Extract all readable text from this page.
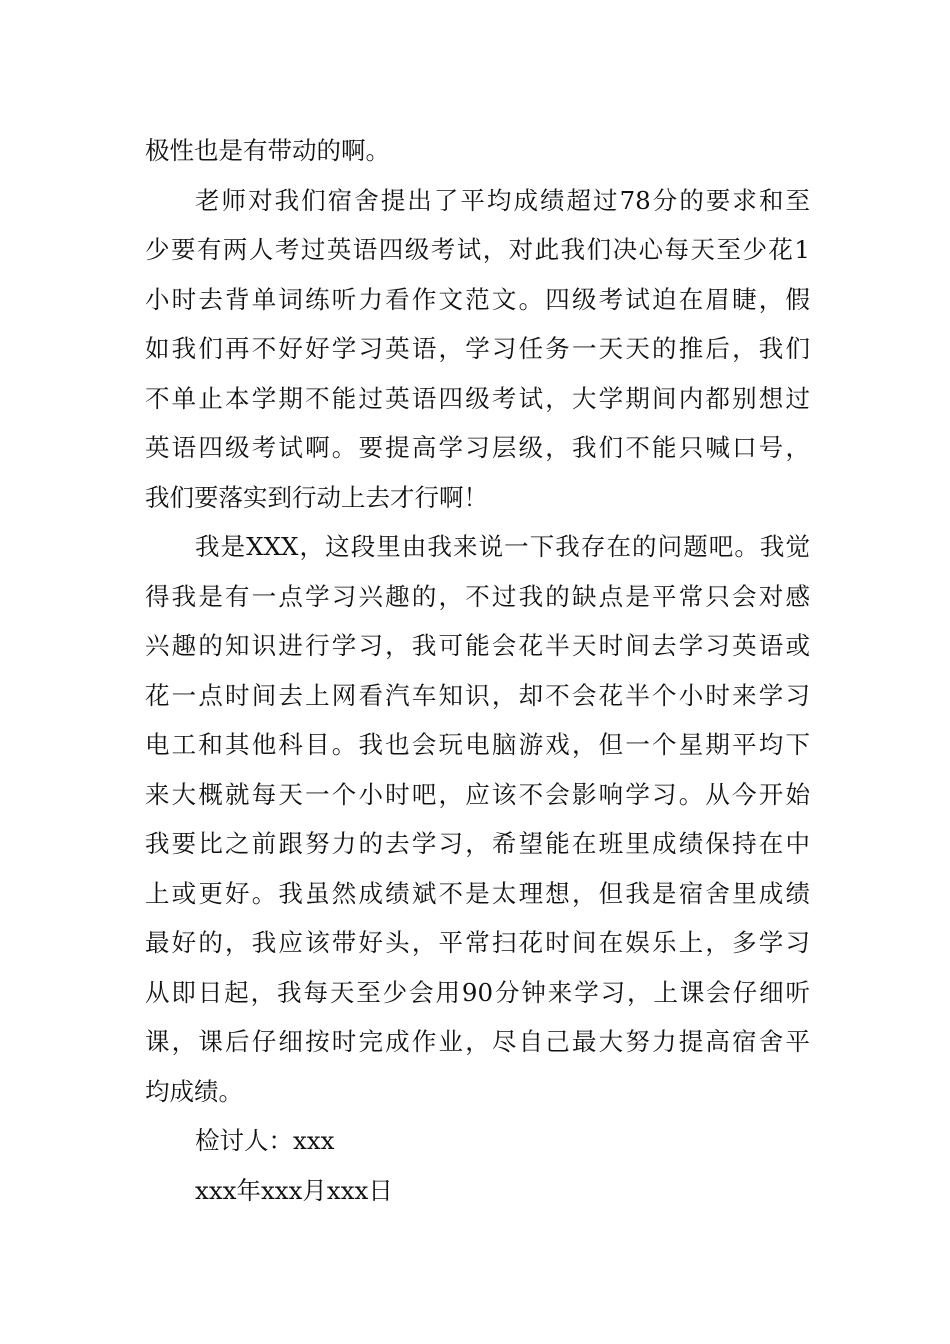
极性也是有带动的啊。
老师对我们宿舍提出了平均成绩超过78分的要求和至
少要有两人考过英语四级考试，对此我们决心每天至少花1
小时去背单词练听力看作文范文。四级考试迫在眉睫，假
如我们再不好好学习英语，学习任务一天天的推后，我们
不单止本学期不能过英语四级考试，大学期间内都别想过
英语四级考试啊。要提高学习层级，我们不能只喊口号，
我们要落实到行动上去才行啊！
我是XXX，这段里由我来说一下我存在的问题吧。我觉
得我是有一点学习兴趣的，不过我的缺点是平常只会对感
兴趣的知识进行学习，我可能会花半天时间去学习英语或
花一点时间去上网看汽车知识，却不会花半个小时来学习
电工和其他科目。我也会玩电脑游戏，但一个星期平均下
来大概就每天一个小时吧，应该不会影响学习。从今开始
我要比之前跟努力的去学习，希望能在班里成绩保持在中
上或更好。我虽然成绩斌不是太理想，但我是宿舍里成绩
最好的，我应该带好头，平常扫花时间在娱乐上，多学习
从即日起，我每天至少会用90分钟来学习，上课会仔细听
课，课后仔细按时完成作业，尽自己最大努力提高宿舍平
均成绩。
检讨人：xxx
xxx年xxx月xxx日
